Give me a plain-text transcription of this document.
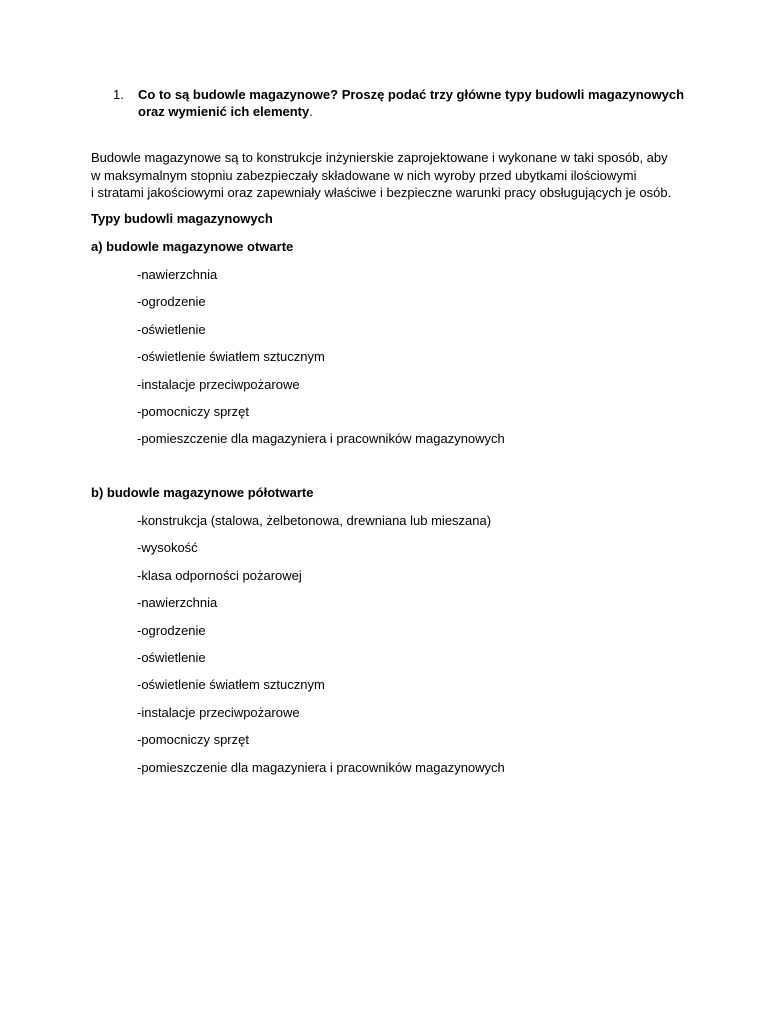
1. Co to są budowle magazynowe? Proszę podać trzy główne typy budowli magazynowych oraz wymienić ich elementy.
Budowle magazynowe są to konstrukcje inżynierskie zaprojektowane i wykonane w taki sposób, aby
w maksymalnym stopniu zabezpieczały składowane w nich wyroby przed ubytkami ilościowymi
i stratami jakościowymi oraz zapewniały właściwe i bezpieczne warunki pracy obsługujących je osób.
Typy budowli magazynowych
a) budowle magazynowe otwarte
-nawierzchnia
-ogrodzenie
-oświetlenie
-oświetlenie światłem sztucznym
-instalacje przeciwpożarowe
-pomocniczy sprzęt
-pomieszczenie dla magazyniera i pracowników magazynowych
b) budowle magazynowe półotwarte
-konstrukcja (stalowa, żelbetonowa, drewniana lub mieszana)
-wysokość
-klasa odporności pożarowej
-nawierzchnia
-ogrodzenie
-oświetlenie
-oświetlenie światłem sztucznym
-instalacje przeciwpożarowe
-pomocniczy sprzęt
-pomieszczenie dla magazyniera i pracowników magazynowych
